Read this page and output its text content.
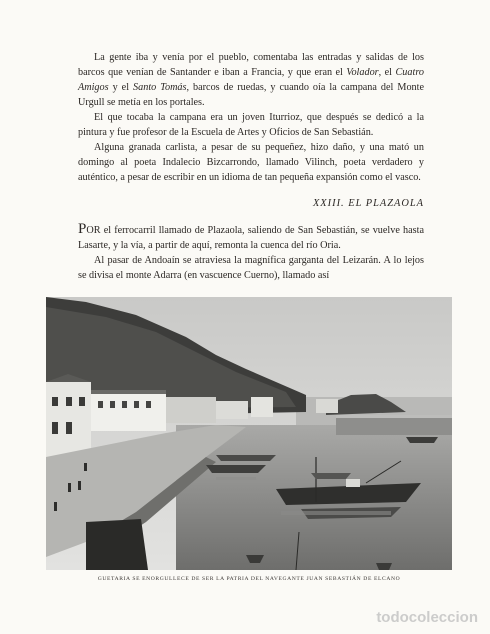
La gente iba y venía por el pueblo, comentaba las entradas y salidas de los barcos que venían de Santander e iban a Francia, y que eran el Volador, el Cuatro Amigos y el Santo Tomás, barcos de ruedas, y cuando oía la campana del Monte Urgull se metía en los portales.

El que tocaba la campana era un joven Iturrioz, que después se dedicó a la pintura y fue profesor de la Escuela de Artes y Oficios de San Sebastián.

Alguna granada carlista, a pesar de su pequeñez, hizo daño, y una mató un domingo al poeta Indalecio Bizcarrondo, llamado Vilinch, poeta verdadero y auténtico, a pesar de escribir en un idioma de tan pequeña expansión como el vasco.

XXIII. EL PLAZAOLA

POR el ferrocarril llamado de Plazaola, saliendo de San Sebastián, se vuelve hasta Lasarte, y la vía, a partir de aquí, remonta la cuenca del río Oria.

Al pasar de Andoaín se atraviesa la magnífica garganta del Leizarán. A lo lejos se divisa el monte Adarra (en vascuence Cuerno), llamado así

GUETARIA SE ENORGULLECE DE SER LA PATRIA DEL NAVEGANTE JUAN SEBASTIÁN DE ELCANO
todocoleccion
